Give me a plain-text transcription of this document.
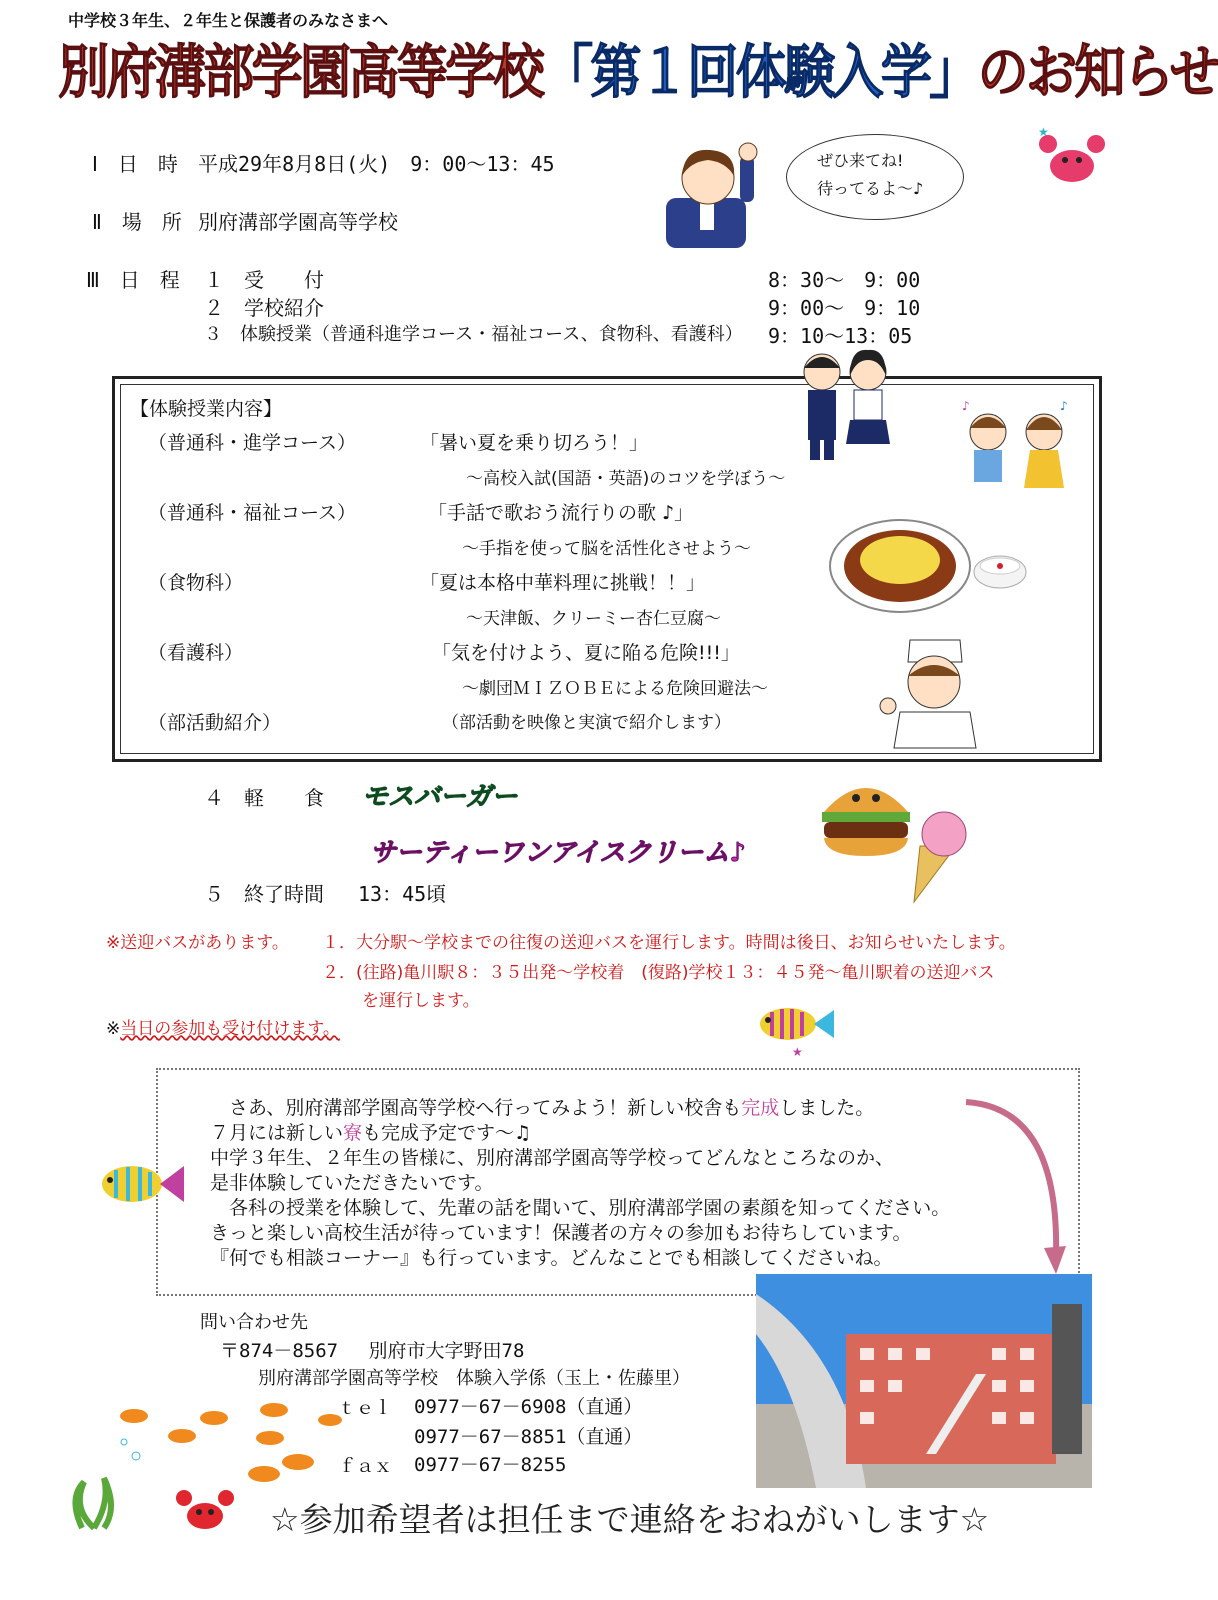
中学校３年生、２年生と保護者のみなさまへ
別府溝部学園高等学校「第１回体験入学」のお知らせ
Ⅰ　日　時 平成29年8月8日(火)　9：00～13：45
Ⅱ　場　所 別府溝部学園高等学校
Ⅲ　日　程 １　受　　付	8：30～　9：00
２　学校紹介	9：00～　9：10
３　体験授業（普通科進学コース・福祉コース、食物科、看護科） 9：10～13：05
ぜひ来てね!
待ってるよ～♪
★
【体験授業内容】
（普通科・進学コース）	「暑い夏を乗り切ろう！」
～高校入試(国語・英語)のコツを学ぼう～
（普通科・福祉コース）	「手話で歌おう流行りの歌 ♪」
～手指を使って脳を活性化させよう～
（食物科）	「夏は本格中華料理に挑戦！！」
～天津飯、クリーミー杏仁豆腐～
（看護科）	「気を付けよう、夏に陥る危険!!!」
～劇団ＭＩＺＯＢＥによる危険回避法～
（部活動紹介）	（部活動を映像と実演で紹介します）
♪	♪
４　軽　　食 モスバーガー
サーティーワンアイスクリーム♪
５　終了時間 13：45頃
※送迎バスがあります。 １．大分駅～学校までの往復の送迎バスを運行します。時間は後日、お知らせいたします。
２．(往路)亀川駅８：３５出発～学校着　(復路)学校１３：４５発～亀川駅着の送迎バス
を運行します。
※当日の参加も受け付けます。
★
　さあ、別府溝部学園高等学校へ行ってみよう！新しい校舎も完成しました。
７月には新しい寮も完成予定です～♫
中学３年生、２年生の皆様に、別府溝部学園高等学校ってどんなところなのか、
是非体験していただきたいです。
　各科の授業を体験して、先輩の話を聞いて、別府溝部学園の素顔を知ってください。
きっと楽しい高校生活が待っています！保護者の方々の参加もお待ちしています。
『何でも相談コーナー』も行っています。どんなことでも相談してくださいね。
問い合わせ先
〒874－8567　 別府市大字野田78
別府溝部学園高等学校　体験入学係（玉上・佐藤里）
ｔｅｌ 0977－67－6908（直通）
0977－67－8851（直通）
ｆａｘ 0977－67－8255
☆参加希望者は担任まで連絡をおねがいします☆
